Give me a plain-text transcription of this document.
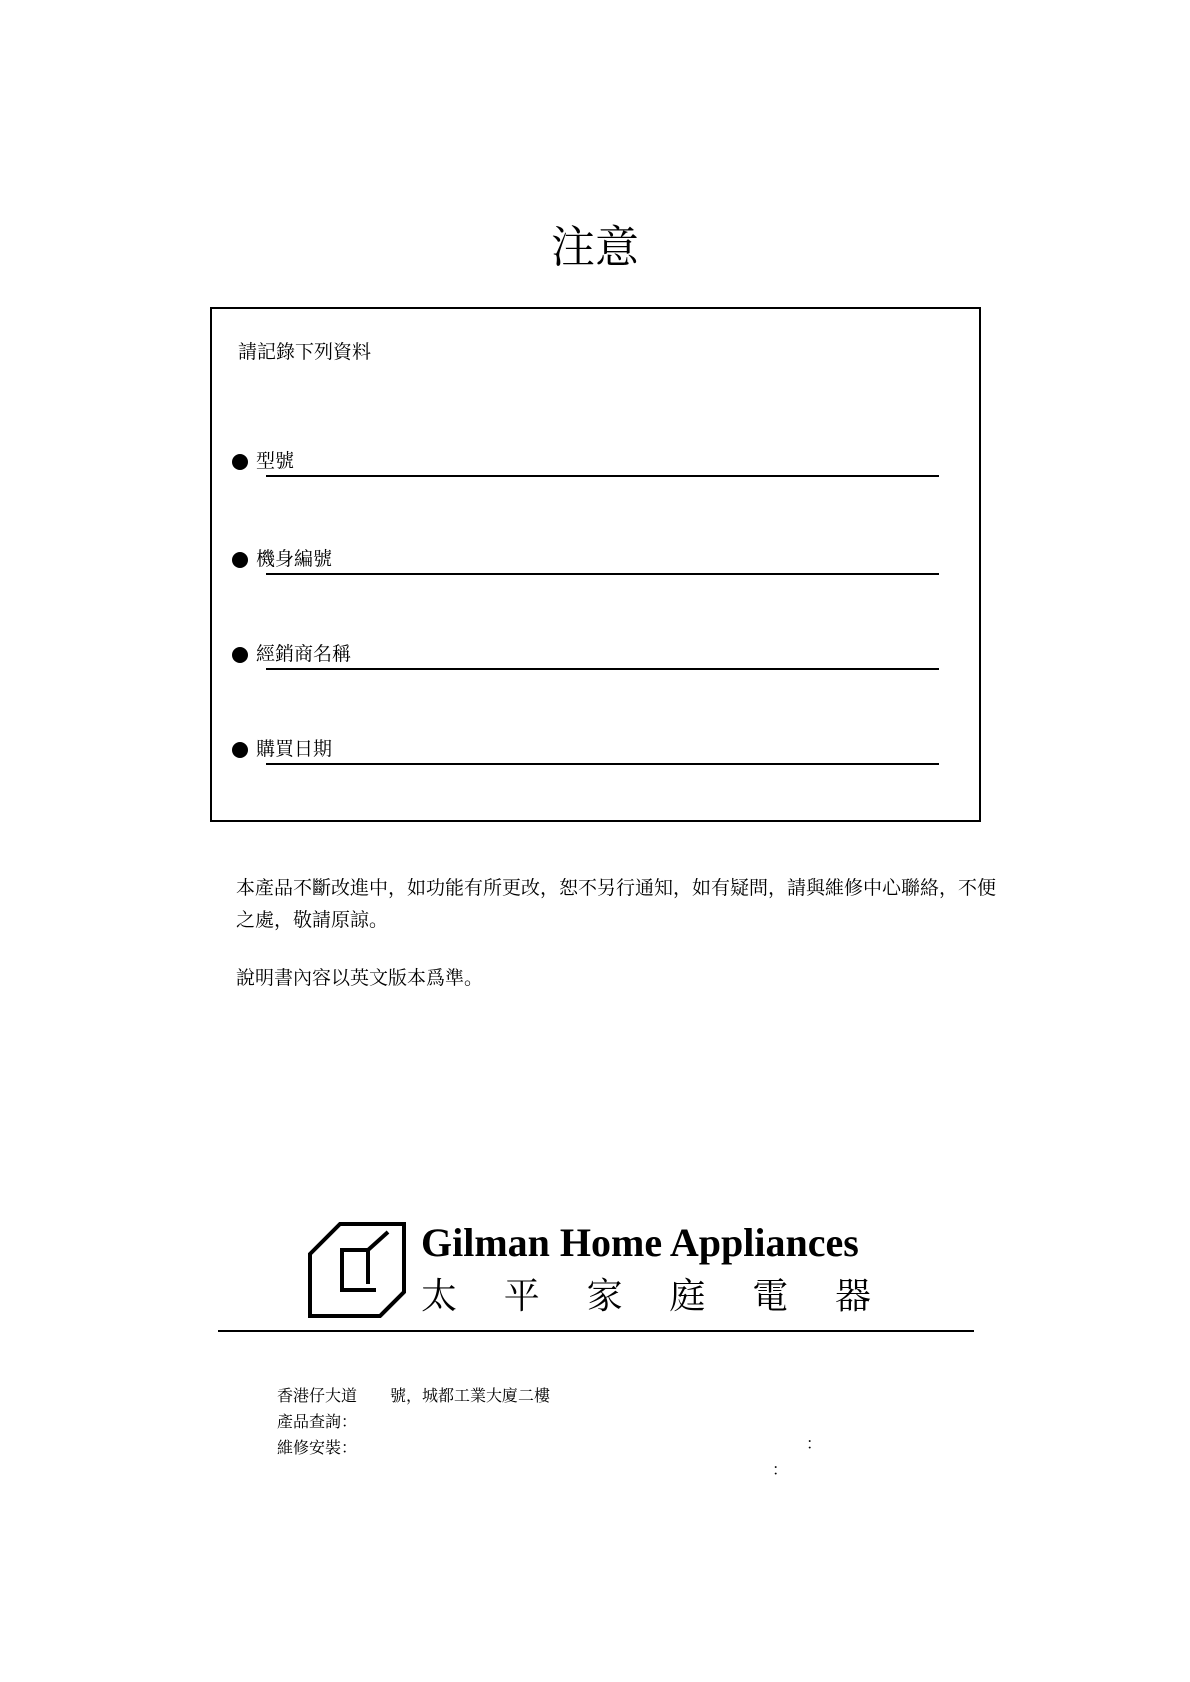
注意
請記錄下列資料
型號
機身編號
經銷商名稱
購買日期
本產品不斷改進中，如功能有所更改，恕不另行通知，如有疑問，請與維修中心聯絡，不便之處，敬請原諒。
說明書內容以英文版本爲準。
Gilman Home Appliances
太 平 家 庭 電 器
香港仔大道 號，城都工業大廈二樓
產品查詢：
維修安裝：	：
：
